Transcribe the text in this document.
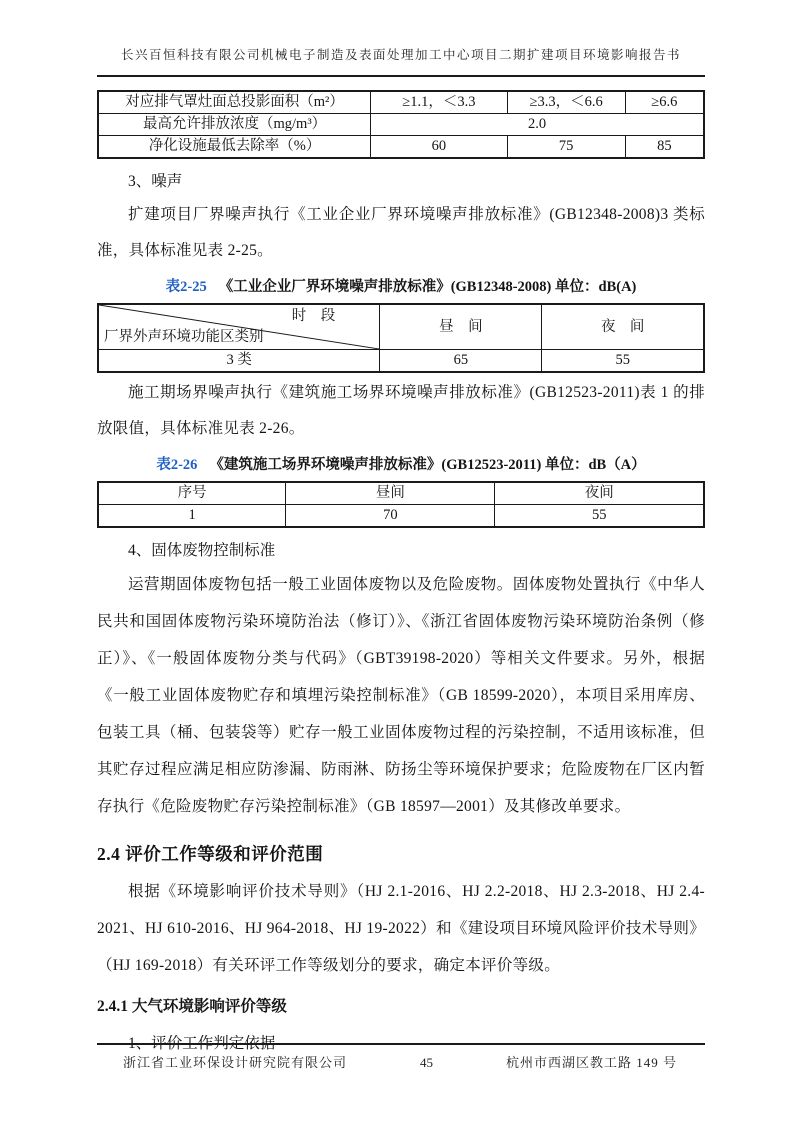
长兴百恒科技有限公司机械电子制造及表面处理加工中心项目二期扩建项目环境影响报告书
对应排气罩灶面总投影面积（m²）	≥1.1，＜3.3	≥3.3，＜6.6	≥6.6
最高允许排放浓度（mg/m³）	2.0		
净化设施最低去除率（%）	60	75	85

3、噪声

扩建项目厂界噪声执行《工业企业厂界环境噪声排放标准》(GB12348-2008)3 类标准，具体标准见表 2-25。

表2-25 《工业企业厂界环境噪声排放标准》(GB12348-2008) 单位：dB(A)

时　段
厂界外声环境功能区类别	昼　间	夜　间
3 类	65	55

施工期场界噪声执行《建筑施工场界环境噪声排放标准》(GB12523-2011)表 1 的排放限值，具体标准见表 2-26。

表2-26 《建筑施工场界环境噪声排放标准》(GB12523-2011) 单位：dB（A）

序号	昼间	夜间
1	70	55

4、固体废物控制标准

运营期固体废物包括一般工业固体废物以及危险废物。固体废物处置执行《中华人民共和国固体废物污染环境防治法（修订）》、《浙江省固体废物污染环境防治条例（修正）》、《一般固体废物分类与代码》（GBT39198-2020）等相关文件要求。另外，根据《一般工业固体废物贮存和填埋污染控制标准》（GB 18599-2020），本项目采用库房、包装工具（桶、包装袋等）贮存一般工业固体废物过程的污染控制，不适用该标准，但其贮存过程应满足相应防渗漏、防雨淋、防扬尘等环境保护要求；危险废物在厂区内暂存执行《危险废物贮存污染控制标准》（GB 18597—2001）及其修改单要求。

2.4 评价工作等级和评价范围

根据《环境影响评价技术导则》（HJ 2.1-2016、HJ 2.2-2018、HJ 2.3-2018、HJ 2.4-2021、HJ 610-2016、HJ 964-2018、HJ 19-2022）和《建设项目环境风险评价技术导则》（HJ 169-2018）有关环评工作等级划分的要求，确定本评价等级。

2.4.1 大气环境影响评价等级

1、评价工作判定依据

浙江省工业环保设计研究院有限公司	45	杭州市西湖区教工路 149 号
